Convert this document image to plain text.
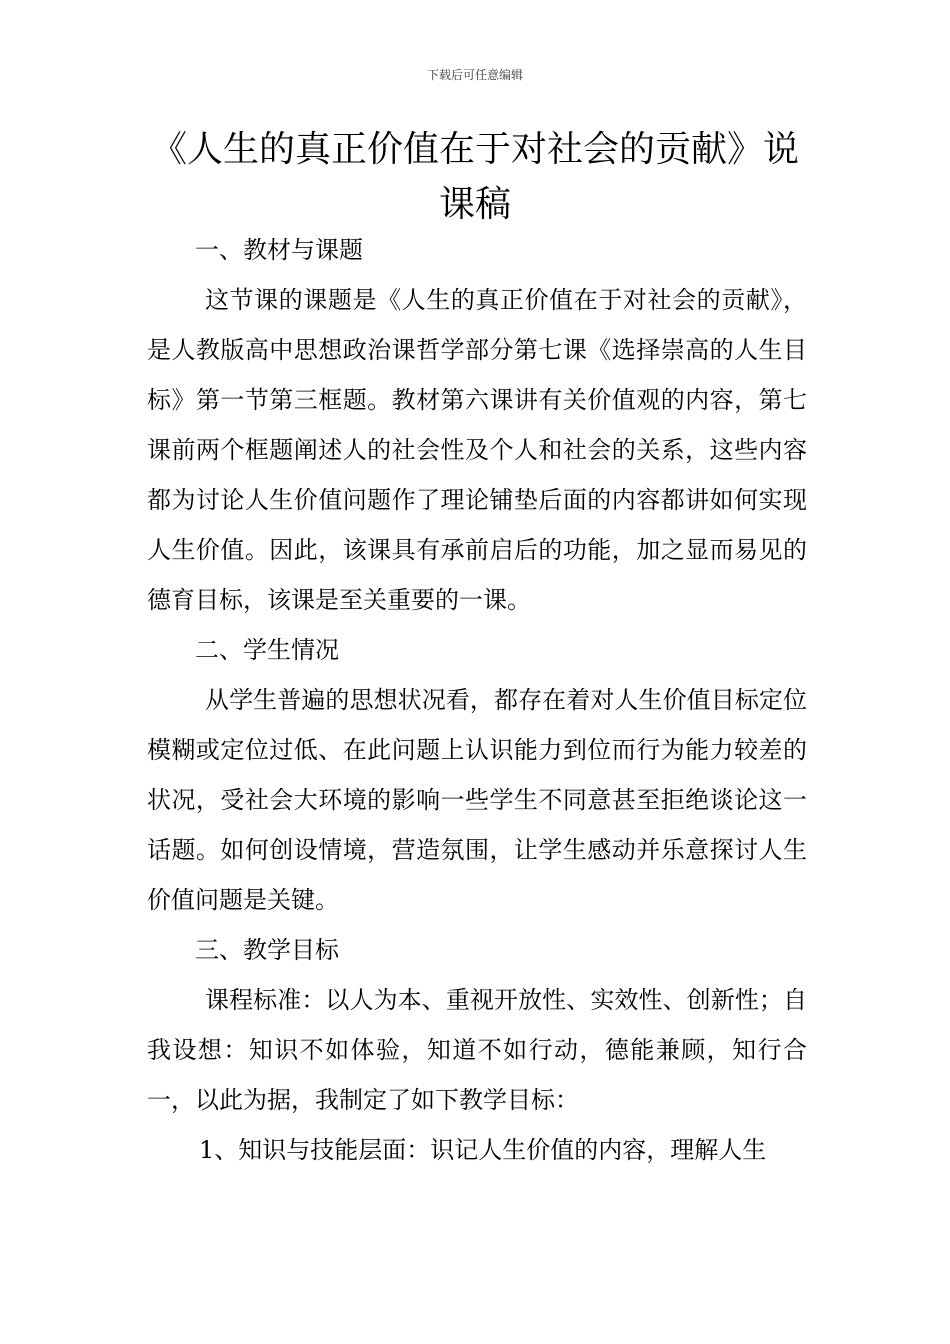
下载后可任意编辑
《人生的真正价值在于对社会的贡献》说课稿

一、教材与课题

这节课的课题是《人生的真正价值在于对社会的贡献》，是人教版高中思想政治课哲学部分第七课《选择崇高的人生目标》第一节第三框题。教材第六课讲有关价值观的内容，第七课前两个框题阐述人的社会性及个人和社会的关系，这些内容都为讨论人生价值问题作了理论铺垫后面的内容都讲如何实现人生价值。因此，该课具有承前启后的功能，加之显而易见的德育目标，该课是至关重要的一课。

二、学生情况

从学生普遍的思想状况看，都存在着对人生价值目标定位模糊或定位过低、在此问题上认识能力到位而行为能力较差的状况，受社会大环境的影响一些学生不同意甚至拒绝谈论这一话题。如何创设情境，营造氛围，让学生感动并乐意探讨人生价值问题是关键。

三、教学目标

课程标准：以人为本、重视开放性、实效性、创新性；自我设想：知识不如体验，知道不如行动，德能兼顾，知行合一，以此为据，我制定了如下教学目标：

1、知识与技能层面：识记人生价值的内容，理解人生
